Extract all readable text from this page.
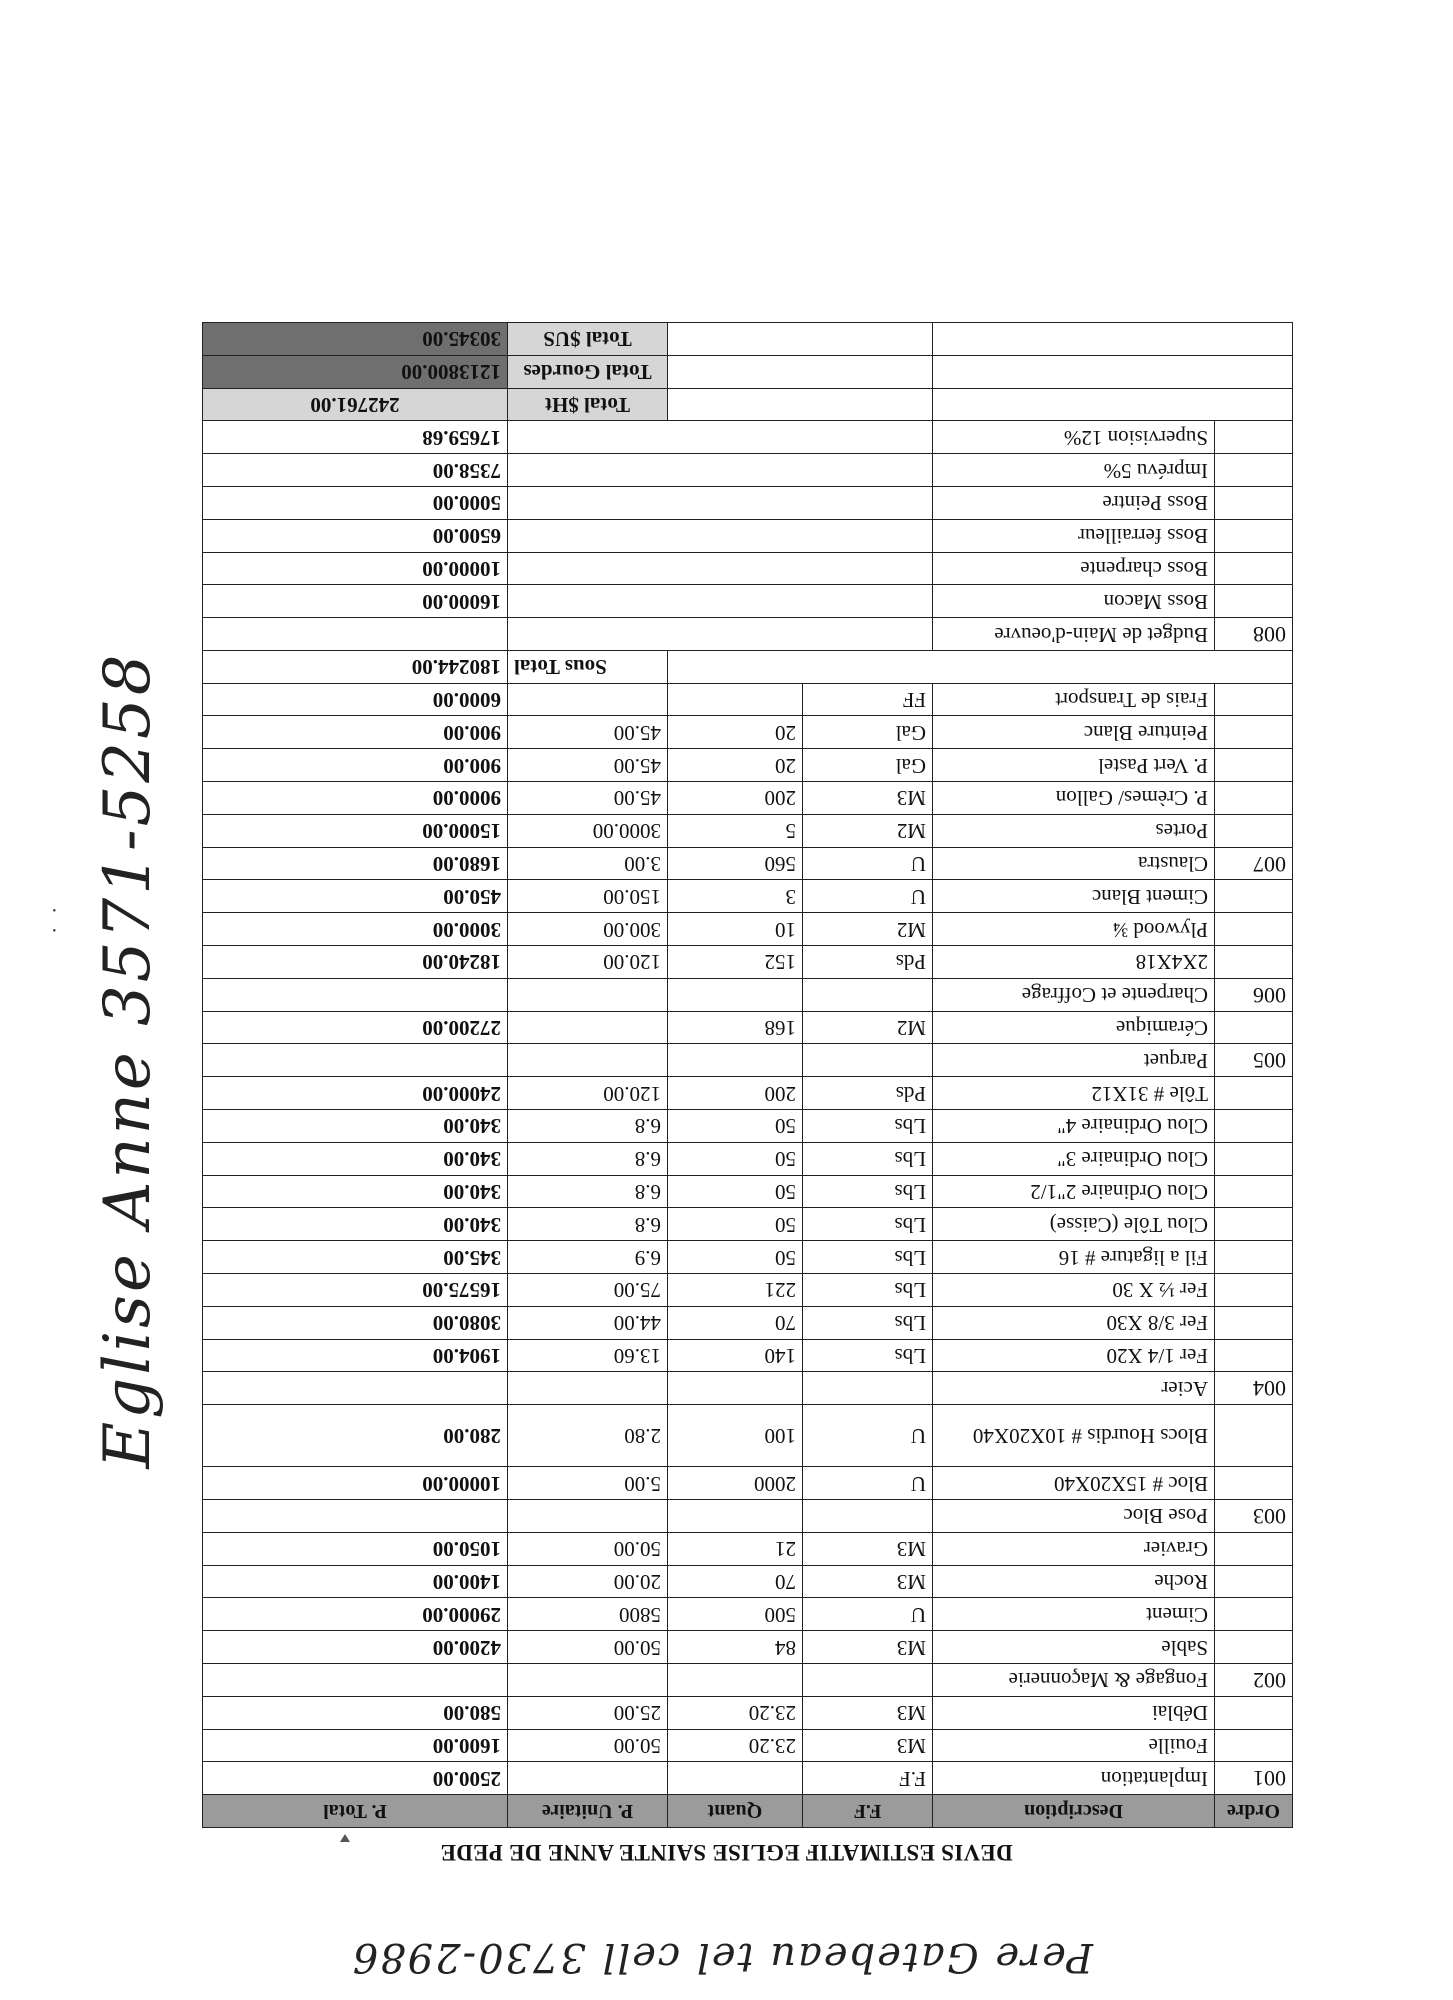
Pere Gatebeau tel cell 3730-2986
DEVIS ESTIMATIF EGLISE SAINTE ANNE DE PEDE
Ordre	Description	F.F	Quant	P. Unitaire	P. Total
001	Implantation	F.F			2500.00
	Fouille	M3	23.20	50.00	1600.00
	Déblai	M3	23.20	25.00	580.00
002	Fongage & Maçonnerie				
	Sable	M3	84	50.00	4200.00
	Ciment	U	500	5800	29000.00
	Roche	M3	70	20.00	1400.00
	Gravier	M3	21	50.00	1050.00
003	Pose Bloc				
	Bloc # 15X20X40	U	2000	5.00	10000.00
	Blocs Hourdis # 10X20X40	U	100	2.80	280.00
004	Acier				
	Fer 1/4 X20	Lbs	140	13.60	1904.00
	Fer 3/8 X30	Lbs	70	44.00	3080.00
	Fer ½ X 30	Lbs	221	75.00	16575.00
	Fil a ligature # 16	Lbs	50	6.9	345.00
	Clou Tôle (Caisse)	Lbs	50	6.8	340.00
	Clou Ordinaire 2"1/2	Lbs	50	6.8	340.00
	Clou Ordinaire 3"	Lbs	50	6.8	340.00
	Clou Ordinaire 4"	Lbs	50	6.8	340.00
	Tôle # 31X12	Pds	200	120.00	24000.00
005	Parquet				
	Céramique	M2	168		27200.00
006	Charpente et Coffrage				
	2X4X18	Pds	152	120.00	18240.00
	Plywood ¾	M2	10	300.00	3000.00
	Ciment Blanc	U	3	150.00	450.00
007	Claustra	U	560	3.00	1680.00
	Portes	M2	5	3000.00	15000.00
	P. Crèmes/ Gallon	M3	200	45.00	9000.00
	P. Vert Pastel	Gal	20	45.00	900.00
	Peinture Blanc	Gal	20	45.00	900.00
	Frais de Transport	FF			6000.00
				Sous Total	180244.00
008	Budget de Main-d'oeuvre				
	Boss Macon				16000.00
	Boss charpente				10000.00
	Boss ferrailleur				6500.00
	Boss Peintre				5000.00
	Imprévu 5%				7358.00
	Supervision 12%				17659.68
				Total $Ht	242761.00
				Total Gourdes	1213800.00
				Total $US	30345.00
Eglise Anne 3571-5258
·
·
